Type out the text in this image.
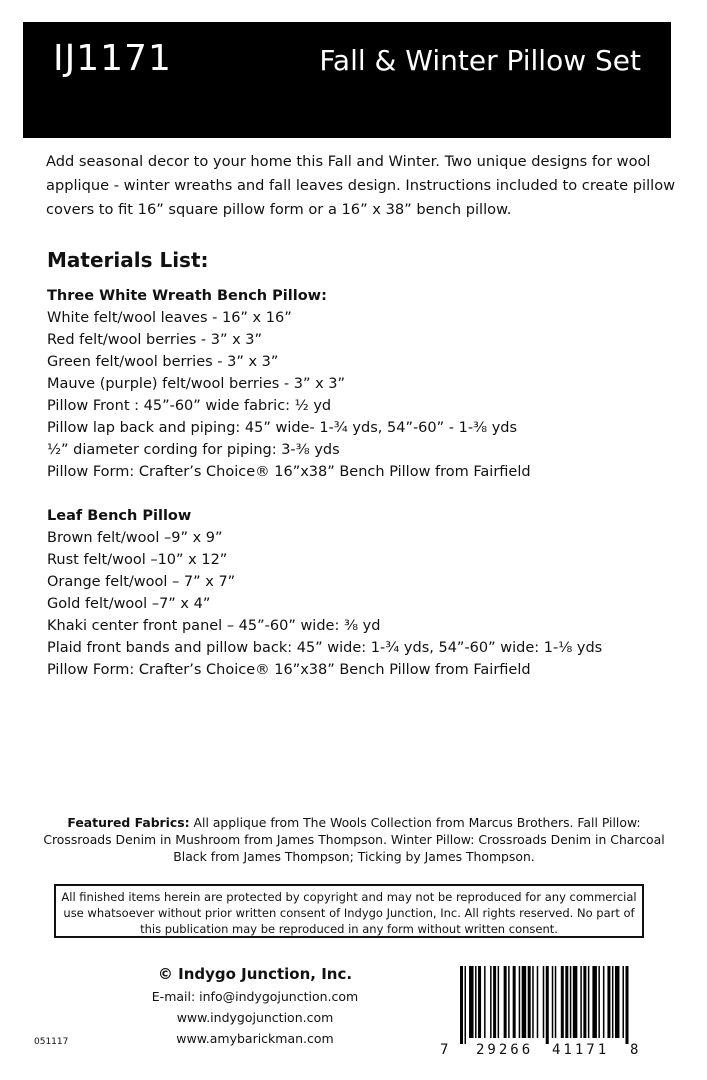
IJ1171	Fall & Winter Pillow Set
Add seasonal decor to your home this Fall and Winter. Two unique designs for wool applique - winter wreaths and fall leaves design. Instructions included to create pillow covers to fit 16” square pillow form or a 16” x 38” bench pillow.
Materials List:
Three White Wreath Bench Pillow:
White felt/wool leaves - 16” x 16”
Red felt/wool berries - 3” x 3”
Green felt/wool berries - 3” x 3”
Mauve (purple) felt/wool berries - 3” x 3”
Pillow Front : 45”-60” wide fabric: ½ yd
Pillow lap back and piping: 45” wide- 1-¾ yds, 54”-60” - 1-⅜ yds
½” diameter cording for piping: 3-⅜ yds
Pillow Form: Crafter’s Choice® 16”x38” Bench Pillow from Fairfield
Leaf Bench Pillow
Brown felt/wool –9” x 9”
Rust felt/wool –10” x 12”
Orange felt/wool – 7” x 7”
Gold felt/wool –7” x 4”
Khaki center front panel – 45”-60” wide: ⅜ yd
Plaid front bands and pillow back: 45” wide: 1-¾ yds, 54”-60” wide: 1-⅛ yds
Pillow Form: Crafter’s Choice® 16”x38” Bench Pillow from Fairfield
Featured Fabrics: All applique from The Wools Collection from Marcus Brothers. Fall Pillow: Crossroads Denim in Mushroom from James Thompson. Winter Pillow: Crossroads Denim in Charcoal Black from James Thompson; Ticking by James Thompson.
All finished items herein are protected by copyright and may not be reproduced for any commercial use whatsoever without prior written consent of Indygo Junction, Inc. All rights reserved. No part of this publication may be reproduced in any form without written consent.
© Indygo Junction, Inc.
E-mail: info@indygojunction.com
www.indygojunction.com
www.amybarickman.com
051117	7 29266 41171 8
